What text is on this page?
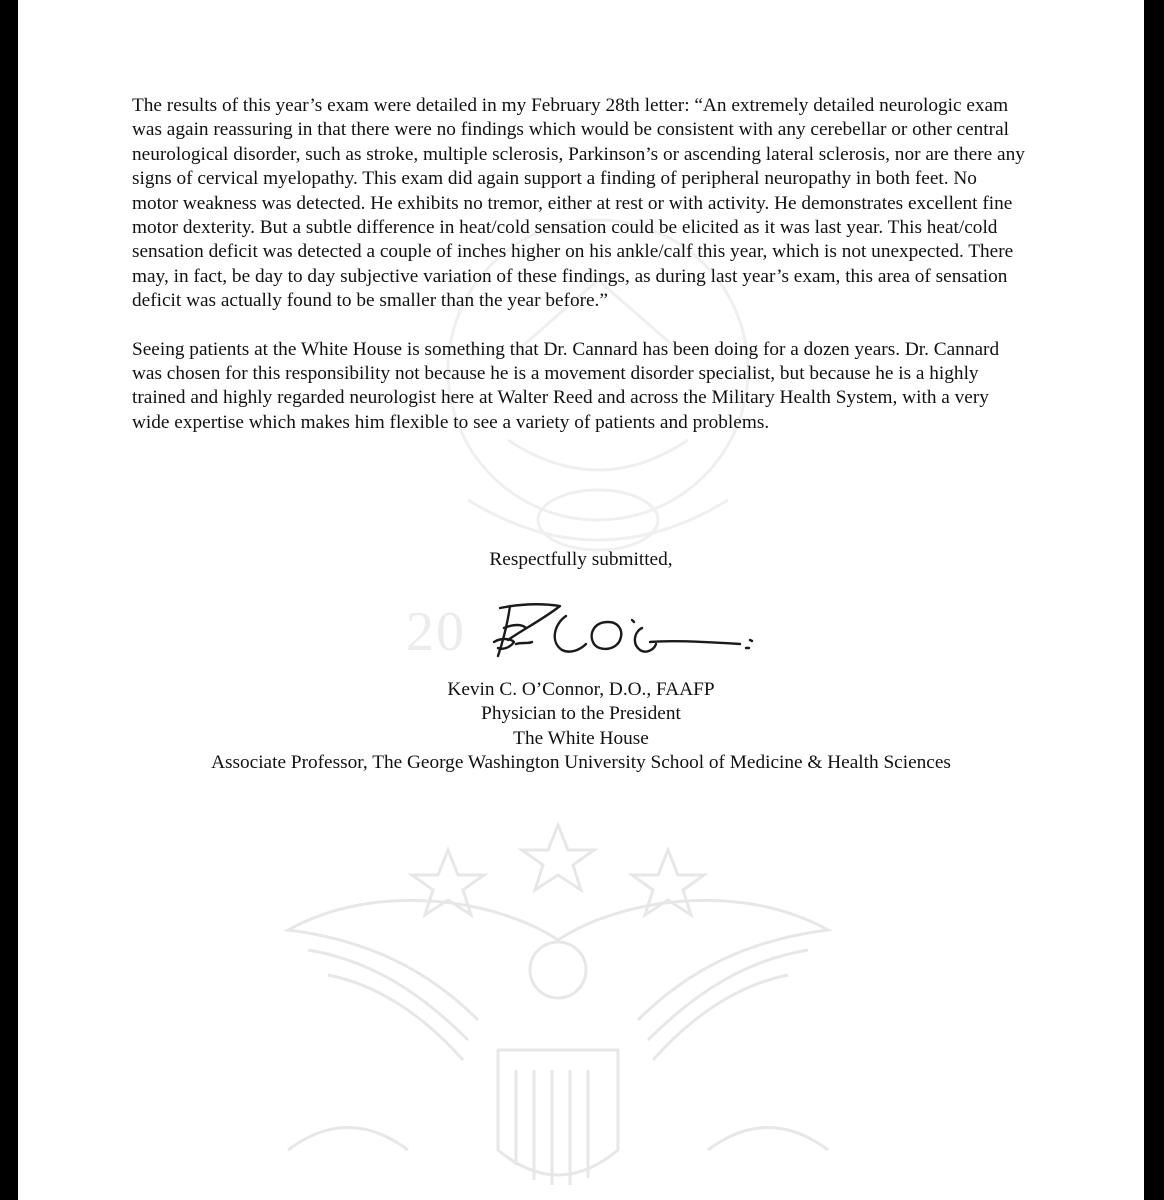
20

The results of this year’s exam were detailed in my February 28th letter: “An extremely detailed neurologic exam was again reassuring in that there were no findings which would be consistent with any cerebellar or other central neurological disorder, such as stroke, multiple sclerosis, Parkinson’s or ascending lateral sclerosis, nor are there any signs of cervical myelopathy. This exam did again support a finding of peripheral neuropathy in both feet. No motor weakness was detected. He exhibits no tremor, either at rest or with activity. He demonstrates excellent fine motor dexterity. But a subtle difference in heat/cold sensation could be elicited as it was last year. This heat/cold sensation deficit was detected a couple of inches higher on his ankle/calf this year, which is not unexpected. There may, in fact, be day to day subjective variation of these findings, as during last year’s exam, this area of sensation deficit was actually found to be smaller than the year before.”

Seeing patients at the White House is something that Dr. Cannard has been doing for a dozen years. Dr. Cannard was chosen for this responsibility not because he is a movement disorder specialist, but because he is a highly trained and highly regarded neurologist here at Walter Reed and across the Military Health System, with a very wide expertise which makes him flexible to see a variety of patients and problems.

Respectfully submitted,
Kevin C. O’Connor, D.O., FAAFP
Physician to the President
The White House
Associate Professor, The George Washington University School of Medicine & Health Sciences
